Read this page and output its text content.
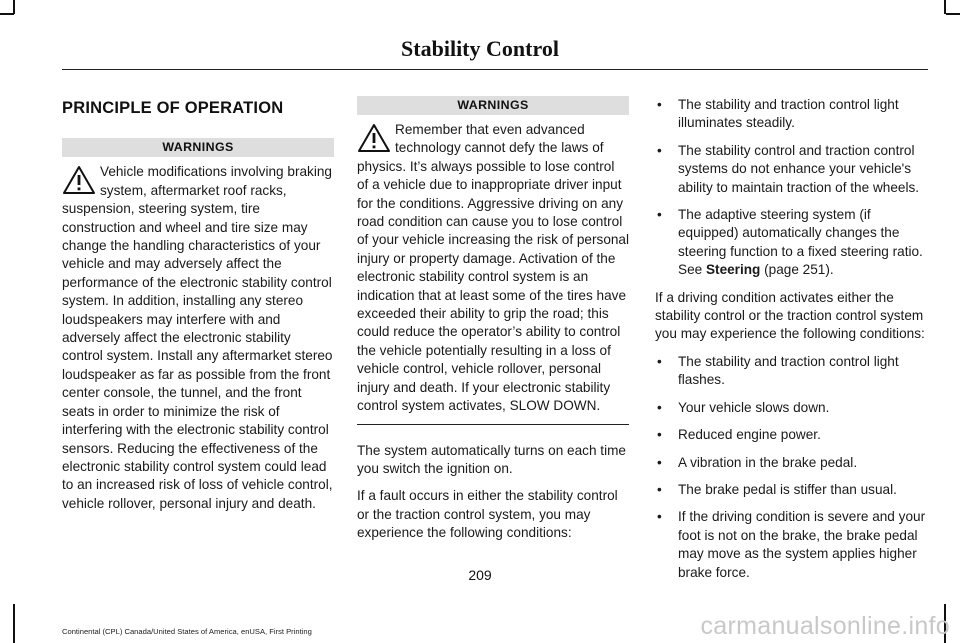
Stability Control
PRINCIPLE OF OPERATION
WARNINGS
Vehicle modifications involving braking system, aftermarket roof racks, suspension, steering system, tire construction and wheel and tire size may change the handling characteristics of your vehicle and may adversely affect the performance of the electronic stability control system. In addition, installing any stereo loudspeakers may interfere with and adversely affect the electronic stability control system. Install any aftermarket stereo loudspeaker as far as possible from the front center console, the tunnel, and the front seats in order to minimize the risk of interfering with the electronic stability control sensors. Reducing the effectiveness of the electronic stability control system could lead to an increased risk of loss of vehicle control, vehicle rollover, personal injury and death.
WARNINGS
Remember that even advanced technology cannot defy the laws of physics. It’s always possible to lose control of a vehicle due to inappropriate driver input for the conditions. Aggressive driving on any road condition can cause you to lose control of your vehicle increasing the risk of personal injury or property damage. Activation of the electronic stability control system is an indication that at least some of the tires have exceeded their ability to grip the road; this could reduce the operator’s ability to control the vehicle potentially resulting in a loss of vehicle control, vehicle rollover, personal injury and death. If your electronic stability control system activates, SLOW DOWN.

The system automatically turns on each time you switch the ignition on.

If a fault occurs in either the stability control or the traction control system, you may experience the following conditions:

• The stability and traction control light illuminates steadily.
• The stability control and traction control systems do not enhance your vehicle's ability to maintain traction of the wheels.
• The adaptive steering system (if equipped) automatically changes the steering function to a fixed steering ratio. See Steering (page 251).

If a driving condition activates either the stability control or the traction control system you may experience the following conditions:

• The stability and traction control light flashes.
• Your vehicle slows down.
• Reduced engine power.
• A vibration in the brake pedal.
• The brake pedal is stiffer than usual.
• If the driving condition is severe and your foot is not on the brake, the brake pedal may move as the system applies higher brake force.
209
Continental (CPL) Canada/United States of America, enUSA, First Printing	carmanualsonline.info
